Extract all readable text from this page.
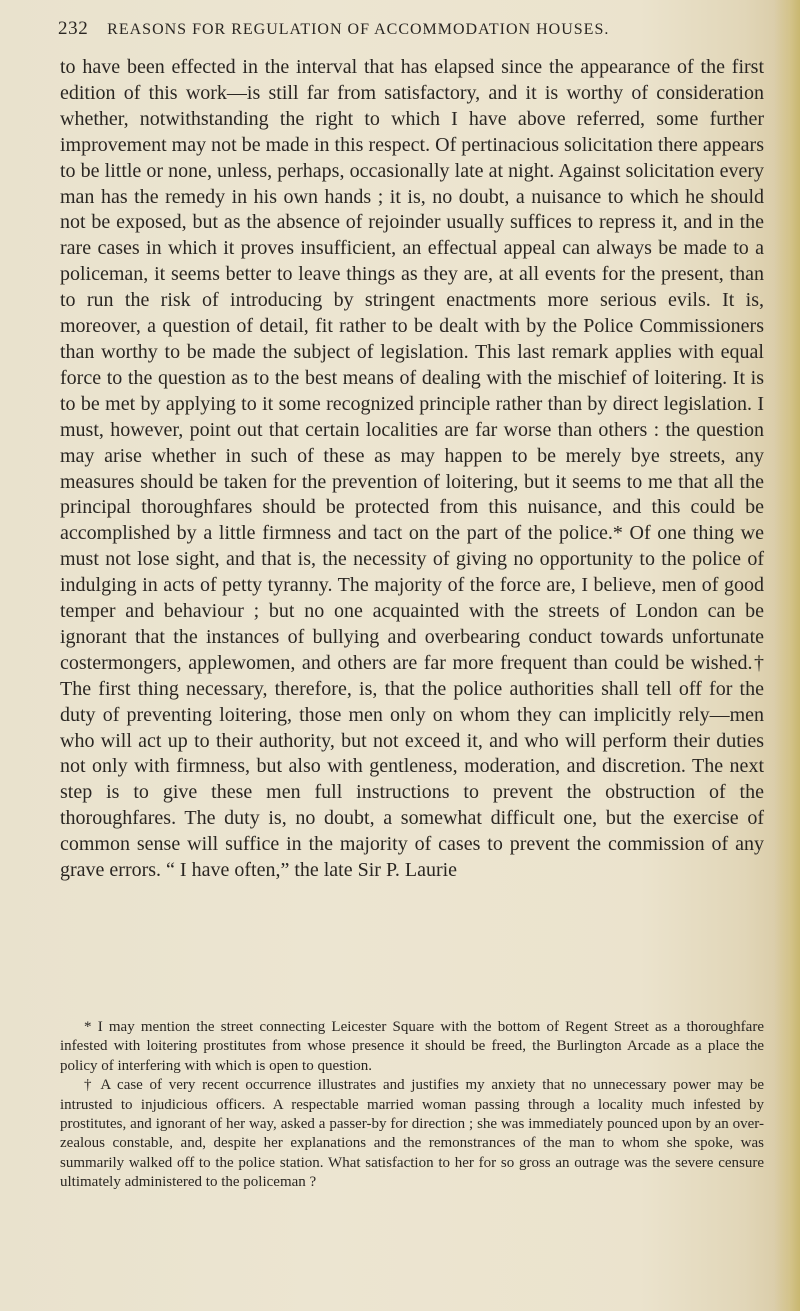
232 REASONS FOR REGULATION OF ACCOMMODATION HOUSES.

to have been effected in the interval that has elapsed since the appearance of the first edition of this work—is still far from satisfactory, and it is worthy of consideration whether, notwithstanding the right to which I have above referred, some further improvement may not be made in this respect. Of pertinacious solicitation there appears to be little or none, unless, perhaps, occasionally late at night. Against solicitation every man has the remedy in his own hands ; it is, no doubt, a nuisance to which he should not be exposed, but as the absence of rejoinder usually suffices to repress it, and in the rare cases in which it proves insufficient, an effectual appeal can always be made to a policeman, it seems better to leave things as they are, at all events for the present, than to run the risk of introducing by stringent enactments more serious evils. It is, moreover, a question of detail, fit rather to be dealt with by the Police Commissioners than worthy to be made the subject of legislation. This last remark applies with equal force to the question as to the best means of dealing with the mischief of loitering. It is to be met by applying to it some recognized principle rather than by direct legislation. I must, however, point out that certain localities are far worse than others : the question may arise whether in such of these as may happen to be merely bye streets, any measures should be taken for the prevention of loitering, but it seems to me that all the principal thoroughfares should be protected from this nuisance, and this could be accomplished by a little firmness and tact on the part of the police.* Of one thing we must not lose sight, and that is, the necessity of giving no opportunity to the police of indulging in acts of petty tyranny. The majority of the force are, I believe, men of good temper and behaviour ; but no one acquainted with the streets of London can be ignorant that the instances of bullying and overbearing conduct towards unfortunate costermongers, applewomen, and others are far more frequent than could be wished.† The first thing necessary, therefore, is, that the police authorities shall tell off for the duty of preventing loitering, those men only on whom they can implicitly rely—men who will act up to their authority, but not exceed it, and who will perform their duties not only with firmness, but also with gentleness, moderation, and discretion. The next step is to give these men full instructions to prevent the obstruction of the thoroughfares. The duty is, no doubt, a somewhat difficult one, but the exercise of common sense will suffice in the majority of cases to prevent the commission of any grave errors. “ I have often,” the late Sir P. Laurie

* I may mention the street connecting Leicester Square with the bottom of Regent Street as a thoroughfare infested with loitering prostitutes from whose presence it should be freed, the Burlington Arcade as a place the policy of interfering with which is open to question.

† A case of very recent occurrence illustrates and justifies my anxiety that no unnecessary power may be intrusted to injudicious officers. A respectable married woman passing through a locality much infested by prostitutes, and ignorant of her way, asked a passer-by for direction ; she was immediately pounced upon by an over-zealous constable, and, despite her explanations and the remonstrances of the man to whom she spoke, was summarily walked off to the police station. What satisfaction to her for so gross an outrage was the severe censure ultimately administered to the policeman ?
